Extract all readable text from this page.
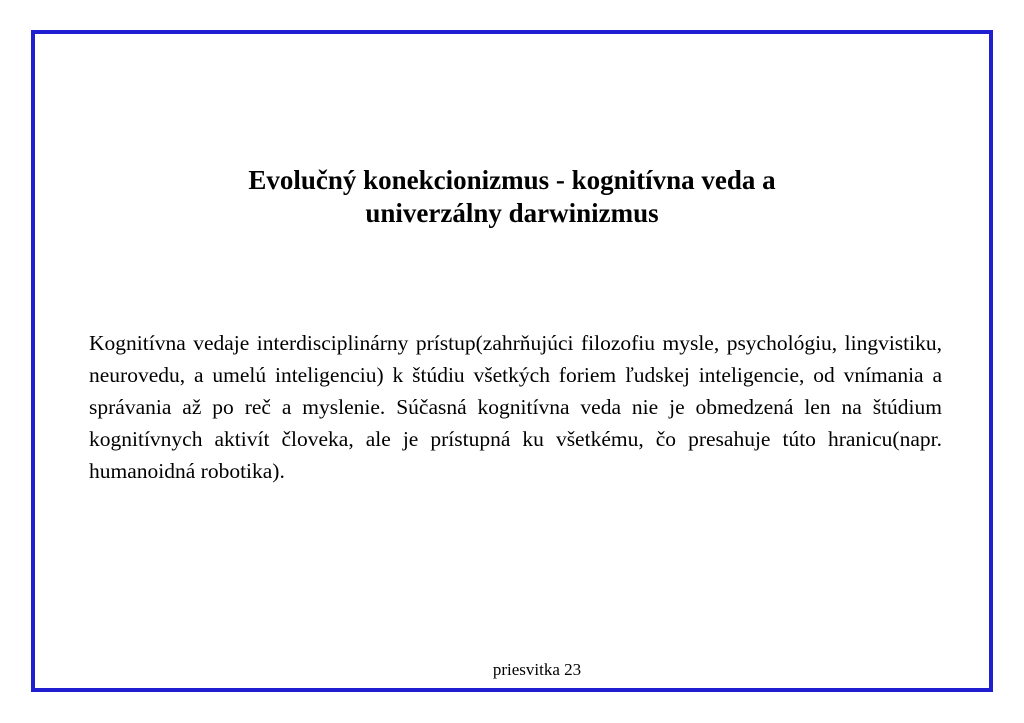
Evolučný konekcionizmus - kognitívna veda a
univerzálny darwinizmus

Kognitívna vedaje interdisciplinárny prístup(zahrňujúci filozofiu mysle, psychológiu, lingvistiku, neurovedu, a umelú inteligenciu) k štúdiu všetkých foriem ľudskej inteligencie, od vnímania a správania až po reč a myslenie. Súčasná kognitívna veda nie je obmedzená len na štúdium kognitívnych aktivít človeka, ale je prístupná ku všetkému, čo presahuje túto hranicu(napr. humanoidná robotika).

priesvitka 23
